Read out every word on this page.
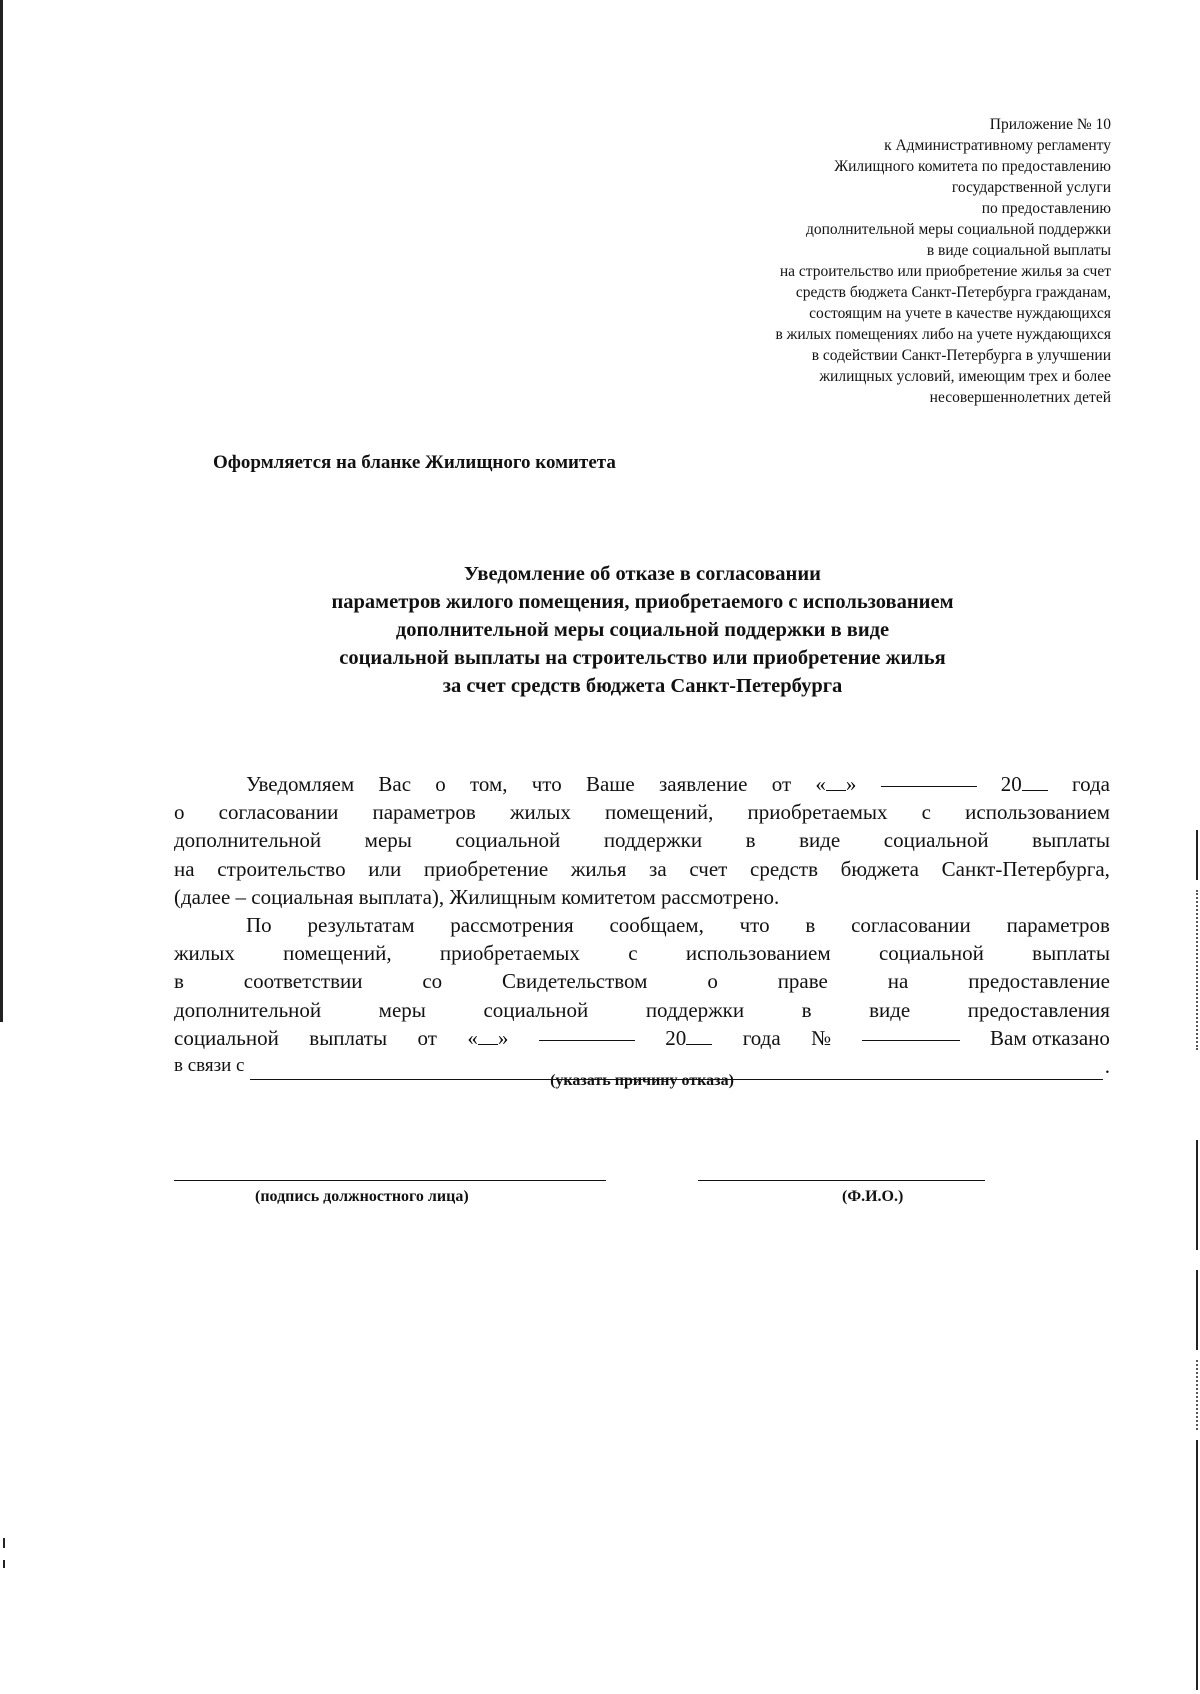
Приложение № 10
к Административному регламенту
Жилищного комитета по предоставлению
государственной услуги
по предоставлению
дополнительной меры социальной поддержки
в виде социальной выплаты
на строительство или приобретение жилья за счет
средств бюджета Санкт-Петербурга гражданам,
состоящим на учете в качестве нуждающихся
в жилых помещениях либо на учете нуждающихся
в содействии Санкт-Петербурга в улучшении
жилищных условий, имеющим трех и более
несовершеннолетних детей
Оформляется на бланке Жилищного комитета
Уведомление об отказе в согласовании
параметров жилого помещения, приобретаемого с использованием
дополнительной меры социальной поддержки в виде
социальной выплаты на строительство или приобретение жилья
за счет средств бюджета Санкт-Петербурга
Уведомляем Вас о том, что Ваше заявление от « »	20	года
о согласовании параметров жилых помещений, приобретаемых с использованием
дополнительной меры социальной поддержки в виде социальной выплаты
на строительство или приобретение жилья за счет средств бюджета Санкт-Петербурга,
(далее – социальная выплата), Жилищным комитетом рассмотрено.
По результатам рассмотрения сообщаем, что в согласовании параметров
жилых помещений, приобретаемых с использованием социальной выплаты
в	соответствии	со	Свидетельством	о	праве	на	предоставление
дополнительной	меры	социальной	поддержки	в	виде	предоставления
социальной выплаты от « »	20	года №	Вам отказано
в связи с	.
(указать причину отказа)
(подпись должностного лица)	(Ф.И.О.)
